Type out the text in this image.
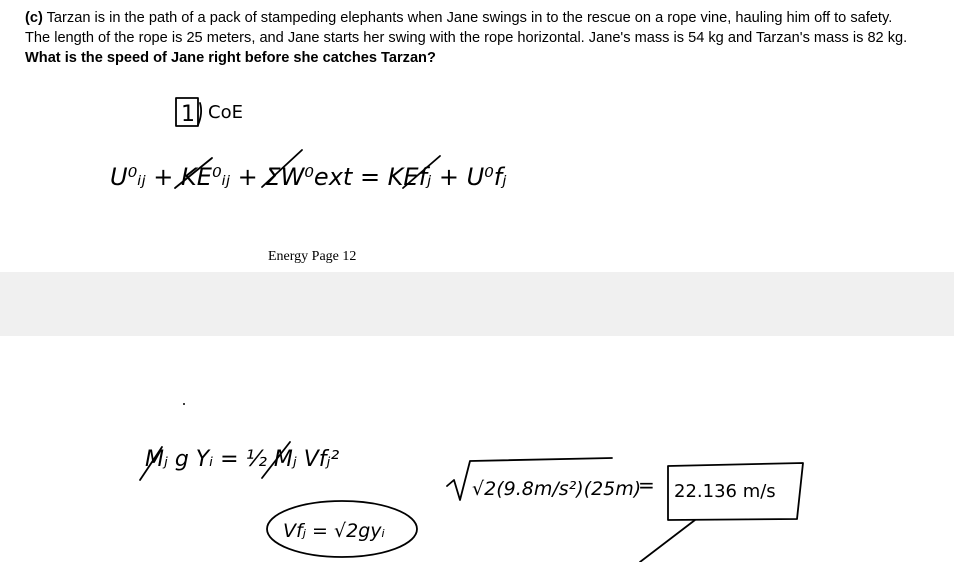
(c) Tarzan is in the path of a pack of stampeding elephants when Jane swings in to the rescue on a rope vine, hauling him off to safety.
The length of the rope is 25 meters, and Jane starts her swing with the rope horizontal. Jane's mass is 54 kg and Tarzan's mass is 82 kg.
What is the speed of Jane right before she catches Tarzan?
Energy Page 12
1 CoE
U⁰ᵢⱼ + KE⁰ᵢⱼ + ΣW⁰ext = KEfⱼ + U⁰fⱼ
Mⱼ g Yᵢ = ½ Mⱼ Vfⱼ²
Vfⱼ = √2gyᵢ
√2(9.8m/s²)(25m)
= 22.136 m/s
